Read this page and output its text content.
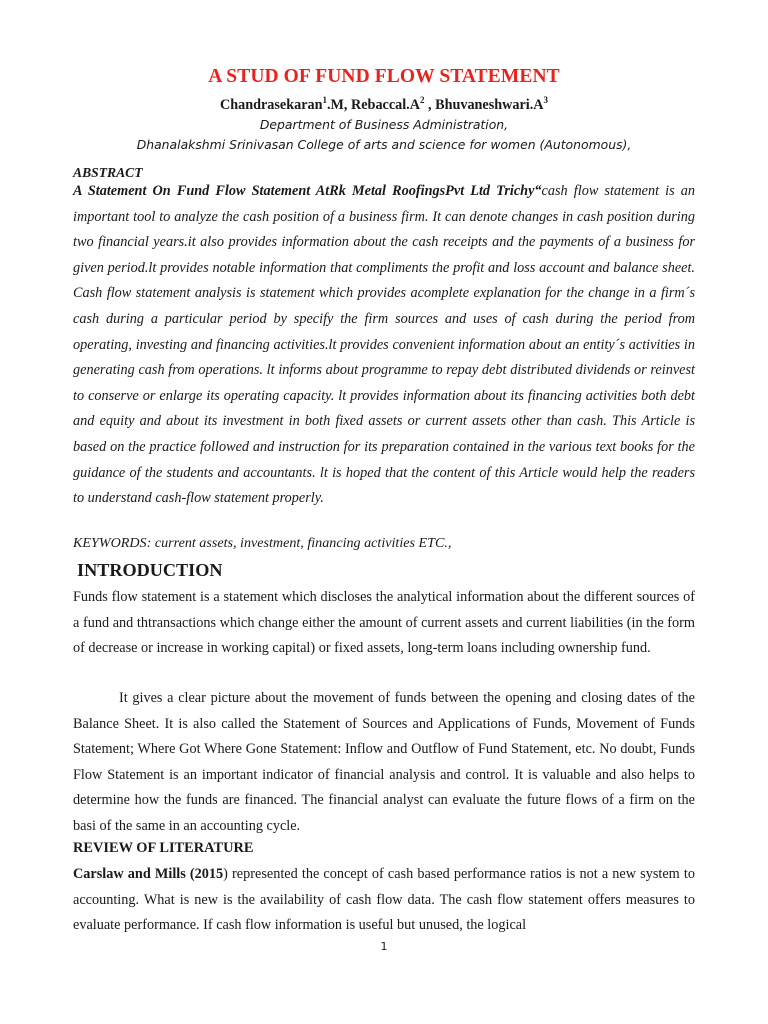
A STUD OF FUND FLOW STATEMENT
Chandrasekaran$^1$.M, $Rebaccal.A^2$ , $Bhuvaneshwari.A^3$
Department of Business Administration,
Dhanalakshmi Srinivasan College of arts and science for women (Autonomous),
ABSTRACT

A Statement On Fund Flow Statement AtRk Metal RoofingsPvt Ltd Trichy“cash flow statement is an important tool to analyze the cash position of a business firm. It can denote changes in cash position during two financial years.it also provides information about the cash receipts and the payments of a business for given period.lt provides notable information that compliments the profit and loss account and balance sheet. Cash flow statement analysis is statement which provides acomplete explanation for the change in a firm´s cash during a particular period by specify the firm sources and uses of cash during the period from operating, investing and financing activities.lt provides convenient information about an entity´s activities in generating cash from operations. lt informs about programme to repay debt distributed dividends or reinvest to conserve or enlarge its operating capacity. lt provides information about its financing activities both debt and equity and about its investment in both fixed assets or current assets other than cash. This Article is based on the practice followed and instruction for its preparation contained in the various text books for the guidance of the students and accountants. lt is hoped that the content of this Article would help the readers to understand cash-flow statement properly.

KEYWORDS: current assets, investment, financing activities ETC.,
INTRODUCTION

Funds flow statement is a statement which discloses the analytical information about the different sources of a fund and thtransactions which change either the amount of current assets and current liabilities (in the form of decrease or increase in working capital) or fixed assets, long-term loans including ownership fund.

It gives a clear picture about the movement of funds between the opening and closing dates of the Balance Sheet. It is also called the Statement of Sources and Applications of Funds, Movement of Funds Statement; Where Got Where Gone Statement: Inflow and Outflow of Fund Statement, etc. No doubt, Funds Flow Statement is an important indicator of financial analysis and control. It is valuable and also helps to determine how the funds are financed. The financial analyst can evaluate the future flows of a firm on the basi of the same in an accounting cycle.

REVIEW OF LITERATURE

Carslaw and Mills (2015) represented the concept of cash based performance ratios is not a new system to accounting. What is new is the availability of cash flow data. The cash flow statement offers measures to evaluate performance. If cash flow information is useful but unused, the logical

1
